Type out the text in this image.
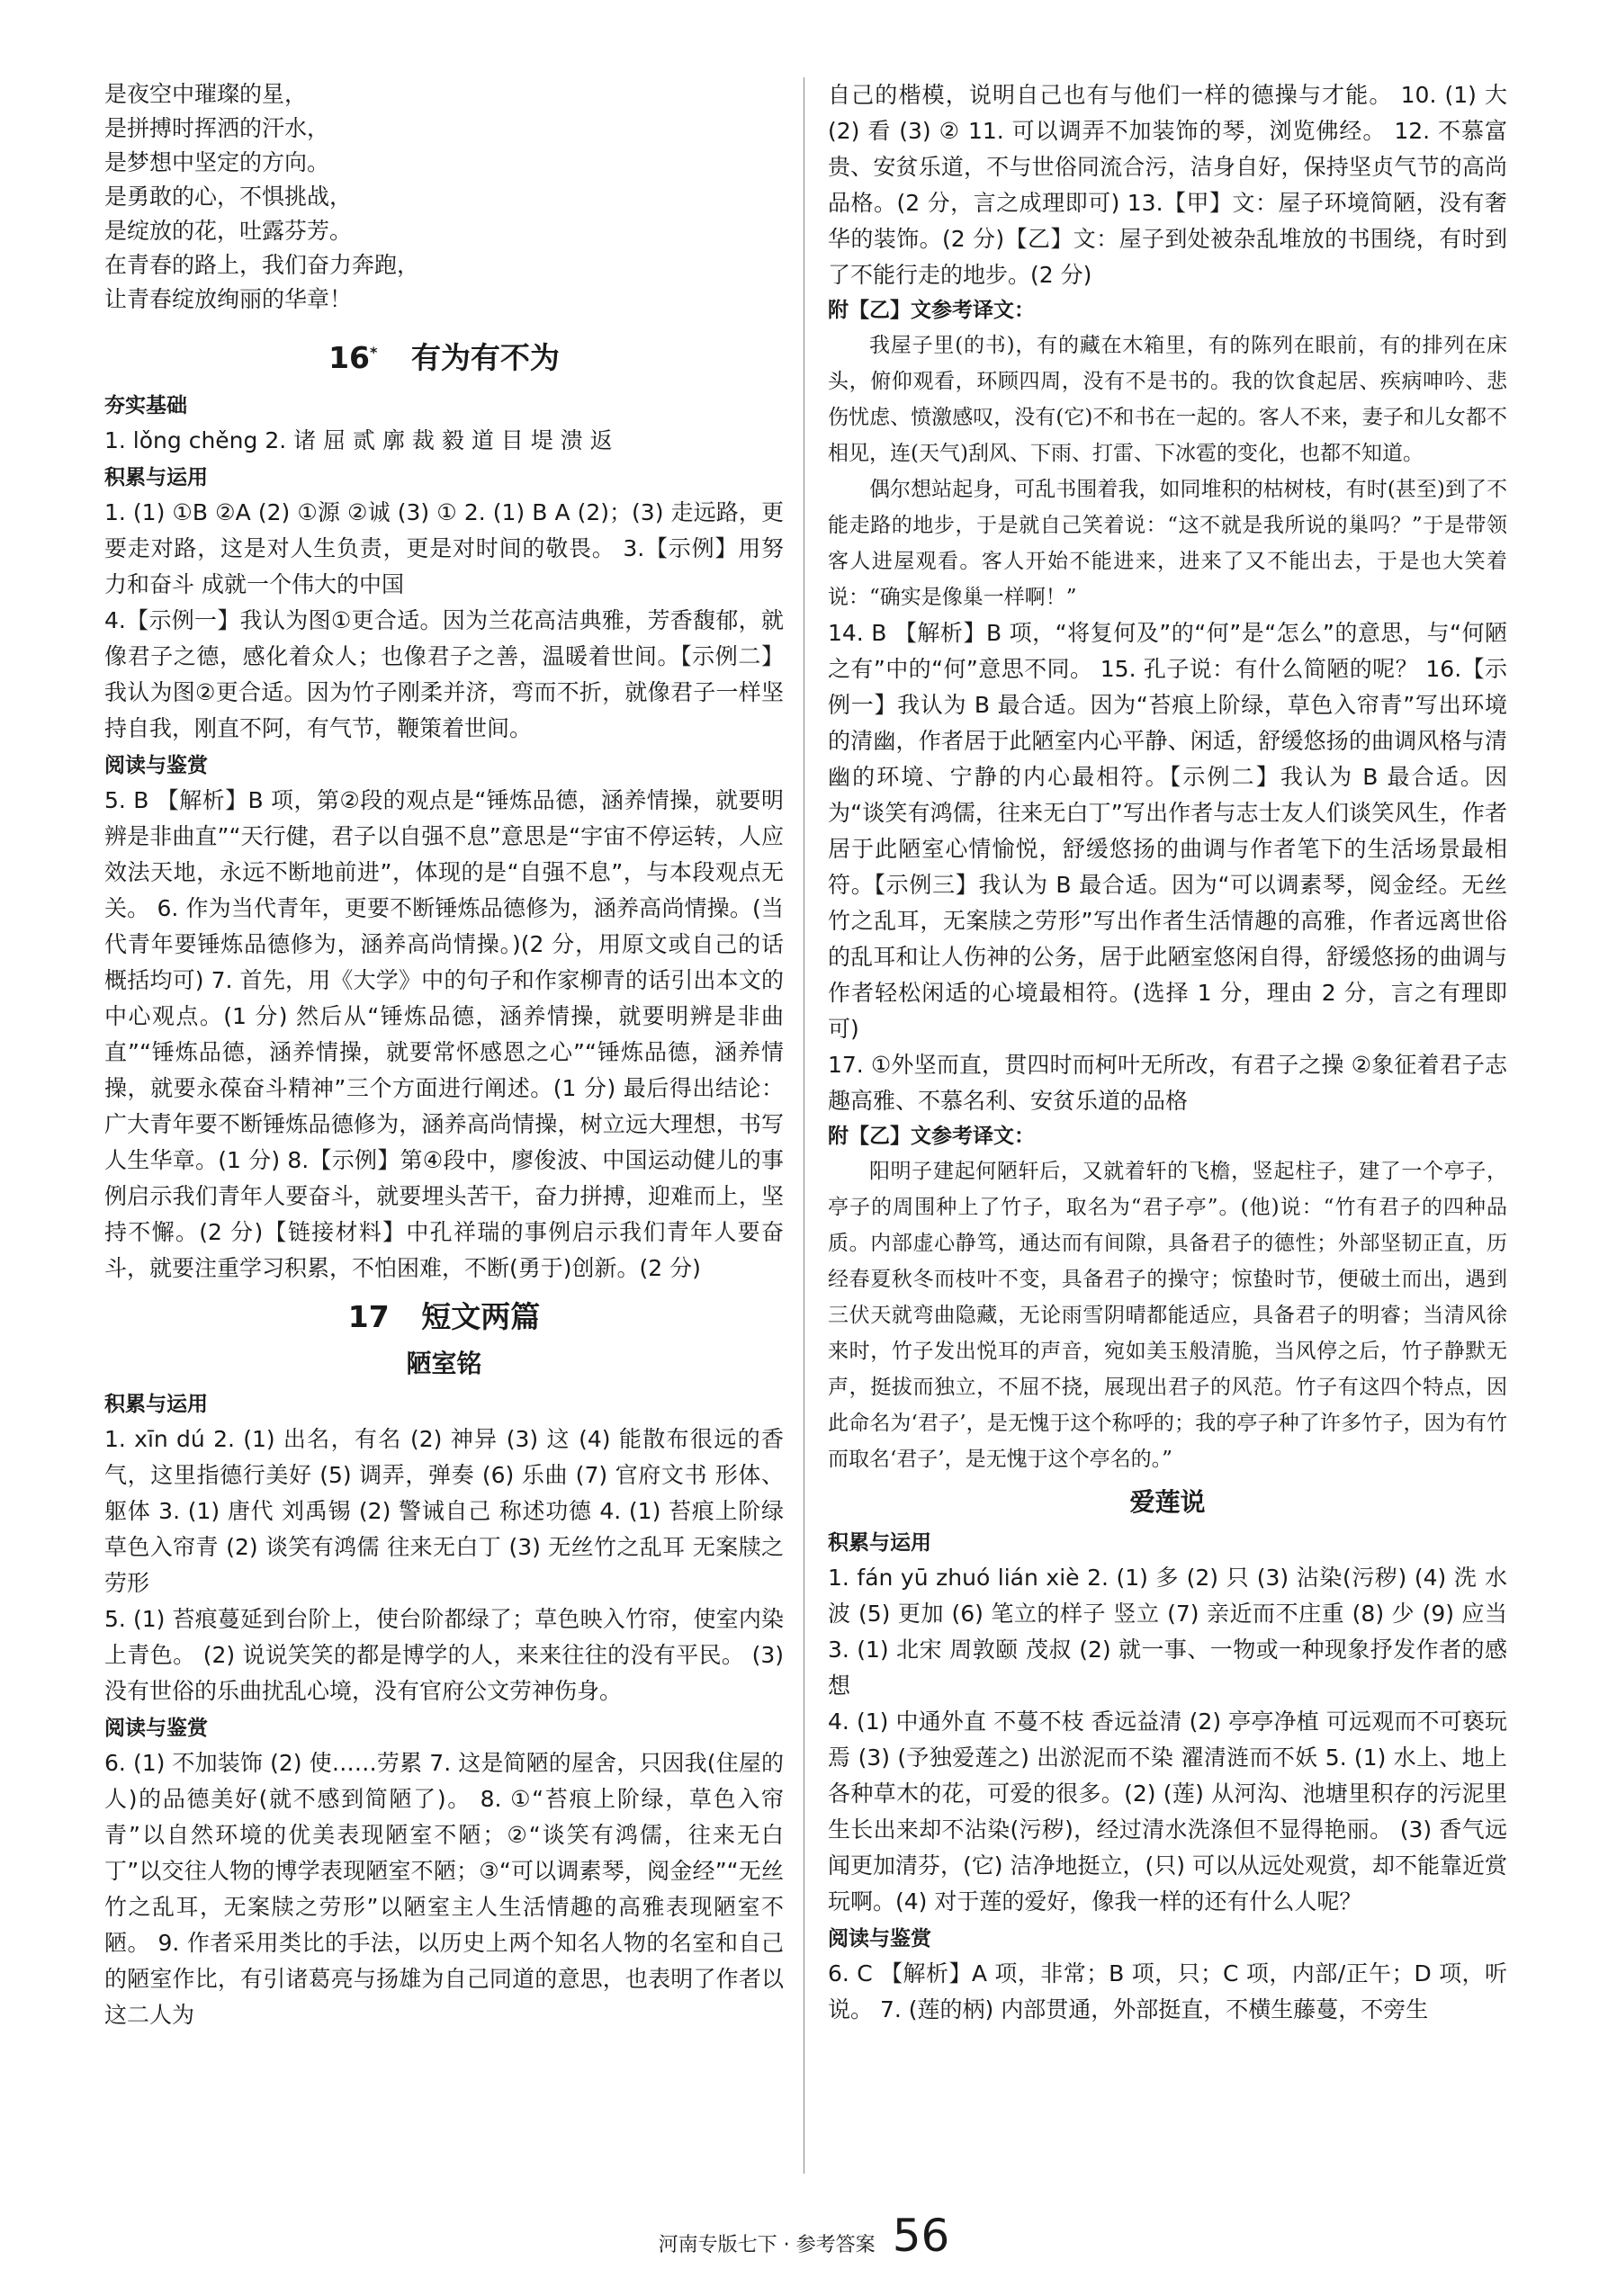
是夜空中璀璨的星，

是拼搏时挥洒的汗水，

是梦想中坚定的方向。

是勇敢的心，不惧挑战，

是绽放的花，吐露芬芳。

在青春的路上，我们奋力奔跑，

让青春绽放绚丽的华章！

16* 有为有不为
夯实基础

1. lǒng chěng 2. 诸 屈 贰 廓 裁 毅 道 目 堤 溃 返

积累与运用

1. (1) ①B ②A (2) ①源 ②诚 (3) ① 2. (1) B A (2)；(3) 走远路，更要走对路，这是对人生负责，更是对时间的敬畏。 3.【示例】用努力和奋斗 成就一个伟大的中国

4.【示例一】我认为图①更合适。因为兰花高洁典雅，芳香馥郁，就像君子之德，感化着众人；也像君子之善，温暖着世间。【示例二】我认为图②更合适。因为竹子刚柔并济，弯而不折，就像君子一样坚持自我，刚直不阿，有气节，鞭策着世间。

阅读与鉴赏

5. B 【解析】B 项，第②段的观点是“锤炼品德，涵养情操，就要明辨是非曲直”“天行健，君子以自强不息”意思是“宇宙不停运转，人应效法天地，永远不断地前进”，体现的是“自强不息”，与本段观点无关。 6. 作为当代青年，更要不断锤炼品德修为，涵养高尚情操。(当代青年要锤炼品德修为，涵养高尚情操。)(2 分，用原文或自己的话概括均可) 7. 首先，用《大学》中的句子和作家柳青的话引出本文的中心观点。(1 分) 然后从“锤炼品德，涵养情操，就要明辨是非曲直”“锤炼品德，涵养情操，就要常怀感恩之心”“锤炼品德，涵养情操，就要永葆奋斗精神”三个方面进行阐述。(1 分) 最后得出结论：广大青年要不断锤炼品德修为，涵养高尚情操，树立远大理想，书写人生华章。(1 分) 8.【示例】第④段中，廖俊波、中国运动健儿的事例启示我们青年人要奋斗，就要埋头苦干，奋力拼搏，迎难而上，坚持不懈。(2 分)【链接材料】中孔祥瑞的事例启示我们青年人要奋斗，就要注重学习积累，不怕困难，不断(勇于)创新。(2 分)

17 短文两篇
陋室铭
积累与运用

1. xīn dú 2. (1) 出名，有名 (2) 神异 (3) 这 (4) 能散布很远的香气，这里指德行美好 (5) 调弄，弹奏 (6) 乐曲 (7) 官府文书 形体、躯体 3. (1) 唐代 刘禹锡 (2) 警诫自己 称述功德 4. (1) 苔痕上阶绿 草色入帘青 (2) 谈笑有鸿儒 往来无白丁 (3) 无丝竹之乱耳 无案牍之劳形

5. (1) 苔痕蔓延到台阶上，使台阶都绿了；草色映入竹帘，使室内染上青色。 (2) 说说笑笑的都是博学的人，来来往往的没有平民。 (3) 没有世俗的乐曲扰乱心境，没有官府公文劳神伤身。

阅读与鉴赏

6. (1) 不加装饰 (2) 使……劳累 7. 这是简陋的屋舍，只因我(住屋的人)的品德美好(就不感到简陋了)。 8. ①“苔痕上阶绿，草色入帘青”以自然环境的优美表现陋室不陋；②“谈笑有鸿儒，往来无白丁”以交往人物的博学表现陋室不陋；③“可以调素琴，阅金经”“无丝竹之乱耳，无案牍之劳形”以陋室主人生活情趣的高雅表现陋室不陋。 9. 作者采用类比的手法，以历史上两个知名人物的名室和自己的陋室作比，有引诸葛亮与扬雄为自己同道的意思，也表明了作者以这二人为

自己的楷模，说明自己也有与他们一样的德操与才能。 10. (1) 大 (2) 看 (3) ② 11. 可以调弄不加装饰的琴，浏览佛经。 12. 不慕富贵、安贫乐道，不与世俗同流合污，洁身自好，保持坚贞气节的高尚品格。(2 分，言之成理即可) 13.【甲】文：屋子环境简陋，没有奢华的装饰。(2 分)【乙】文：屋子到处被杂乱堆放的书围绕，有时到了不能行走的地步。(2 分)

附【乙】文参考译文：

我屋子里(的书)，有的藏在木箱里，有的陈列在眼前，有的排列在床头，俯仰观看，环顾四周，没有不是书的。我的饮食起居、疾病呻吟、悲伤忧虑、愤激感叹，没有(它)不和书在一起的。客人不来，妻子和儿女都不相见，连(天气)刮风、下雨、打雷、下冰雹的变化，也都不知道。

偶尔想站起身，可乱书围着我，如同堆积的枯树枝，有时(甚至)到了不能走路的地步，于是就自己笑着说：“这不就是我所说的巢吗？”于是带领客人进屋观看。客人开始不能进来，进来了又不能出去，于是也大笑着说：“确实是像巢一样啊！”

14. B 【解析】B 项，“将复何及”的“何”是“怎么”的意思，与“何陋之有”中的“何”意思不同。 15. 孔子说：有什么简陋的呢？ 16.【示例一】我认为 B 最合适。因为“苔痕上阶绿，草色入帘青”写出环境的清幽，作者居于此陋室内心平静、闲适，舒缓悠扬的曲调风格与清幽的环境、宁静的内心最相符。【示例二】我认为 B 最合适。因为“谈笑有鸿儒，往来无白丁”写出作者与志士友人们谈笑风生，作者居于此陋室心情愉悦，舒缓悠扬的曲调与作者笔下的生活场景最相符。【示例三】我认为 B 最合适。因为“可以调素琴，阅金经。无丝竹之乱耳，无案牍之劳形”写出作者生活情趣的高雅，作者远离世俗的乱耳和让人伤神的公务，居于此陋室悠闲自得，舒缓悠扬的曲调与作者轻松闲适的心境最相符。(选择 1 分，理由 2 分，言之有理即可)

17. ①外坚而直，贯四时而柯叶无所改，有君子之操 ②象征着君子志趣高雅、不慕名利、安贫乐道的品格

附【乙】文参考译文：

阳明子建起何陋轩后，又就着轩的飞檐，竖起柱子，建了一个亭子，亭子的周围种上了竹子，取名为“君子亭”。(他)说：“竹有君子的四种品质。内部虚心静笃，通达而有间隙，具备君子的德性；外部坚韧正直，历经春夏秋冬而枝叶不变，具备君子的操守；惊蛰时节，便破土而出，遇到三伏天就弯曲隐藏，无论雨雪阴晴都能适应，具备君子的明睿；当清风徐来时，竹子发出悦耳的声音，宛如美玉般清脆，当风停之后，竹子静默无声，挺拔而独立，不屈不挠，展现出君子的风范。竹子有这四个特点，因此命名为‘君子’，是无愧于这个称呼的；我的亭子种了许多竹子，因为有竹而取名‘君子’，是无愧于这个亭名的。”

爱莲说
积累与运用

1. fán yū zhuó lián xiè 2. (1) 多 (2) 只 (3) 沾染(污秽) (4) 洗 水波 (5) 更加 (6) 笔立的样子 竖立 (7) 亲近而不庄重 (8) 少 (9) 应当 3. (1) 北宋 周敦颐 茂叔 (2) 就一事、一物或一种现象抒发作者的感想

4. (1) 中通外直 不蔓不枝 香远益清 (2) 亭亭净植 可远观而不可亵玩焉 (3) (予独爱莲之) 出淤泥而不染 濯清涟而不妖 5. (1) 水上、地上各种草木的花，可爱的很多。(2) (莲) 从河沟、池塘里积存的污泥里生长出来却不沾染(污秽)，经过清水洗涤但不显得艳丽。 (3) 香气远闻更加清芬，(它) 洁净地挺立，(只) 可以从远处观赏，却不能靠近赏玩啊。(4) 对于莲的爱好，像我一样的还有什么人呢？

阅读与鉴赏

6. C 【解析】A 项，非常；B 项，只；C 项，内部/正午；D 项，听说。 7. (莲的柄) 内部贯通，外部挺直，不横生藤蔓，不旁生

河南专版七下 · 参考答案 56
